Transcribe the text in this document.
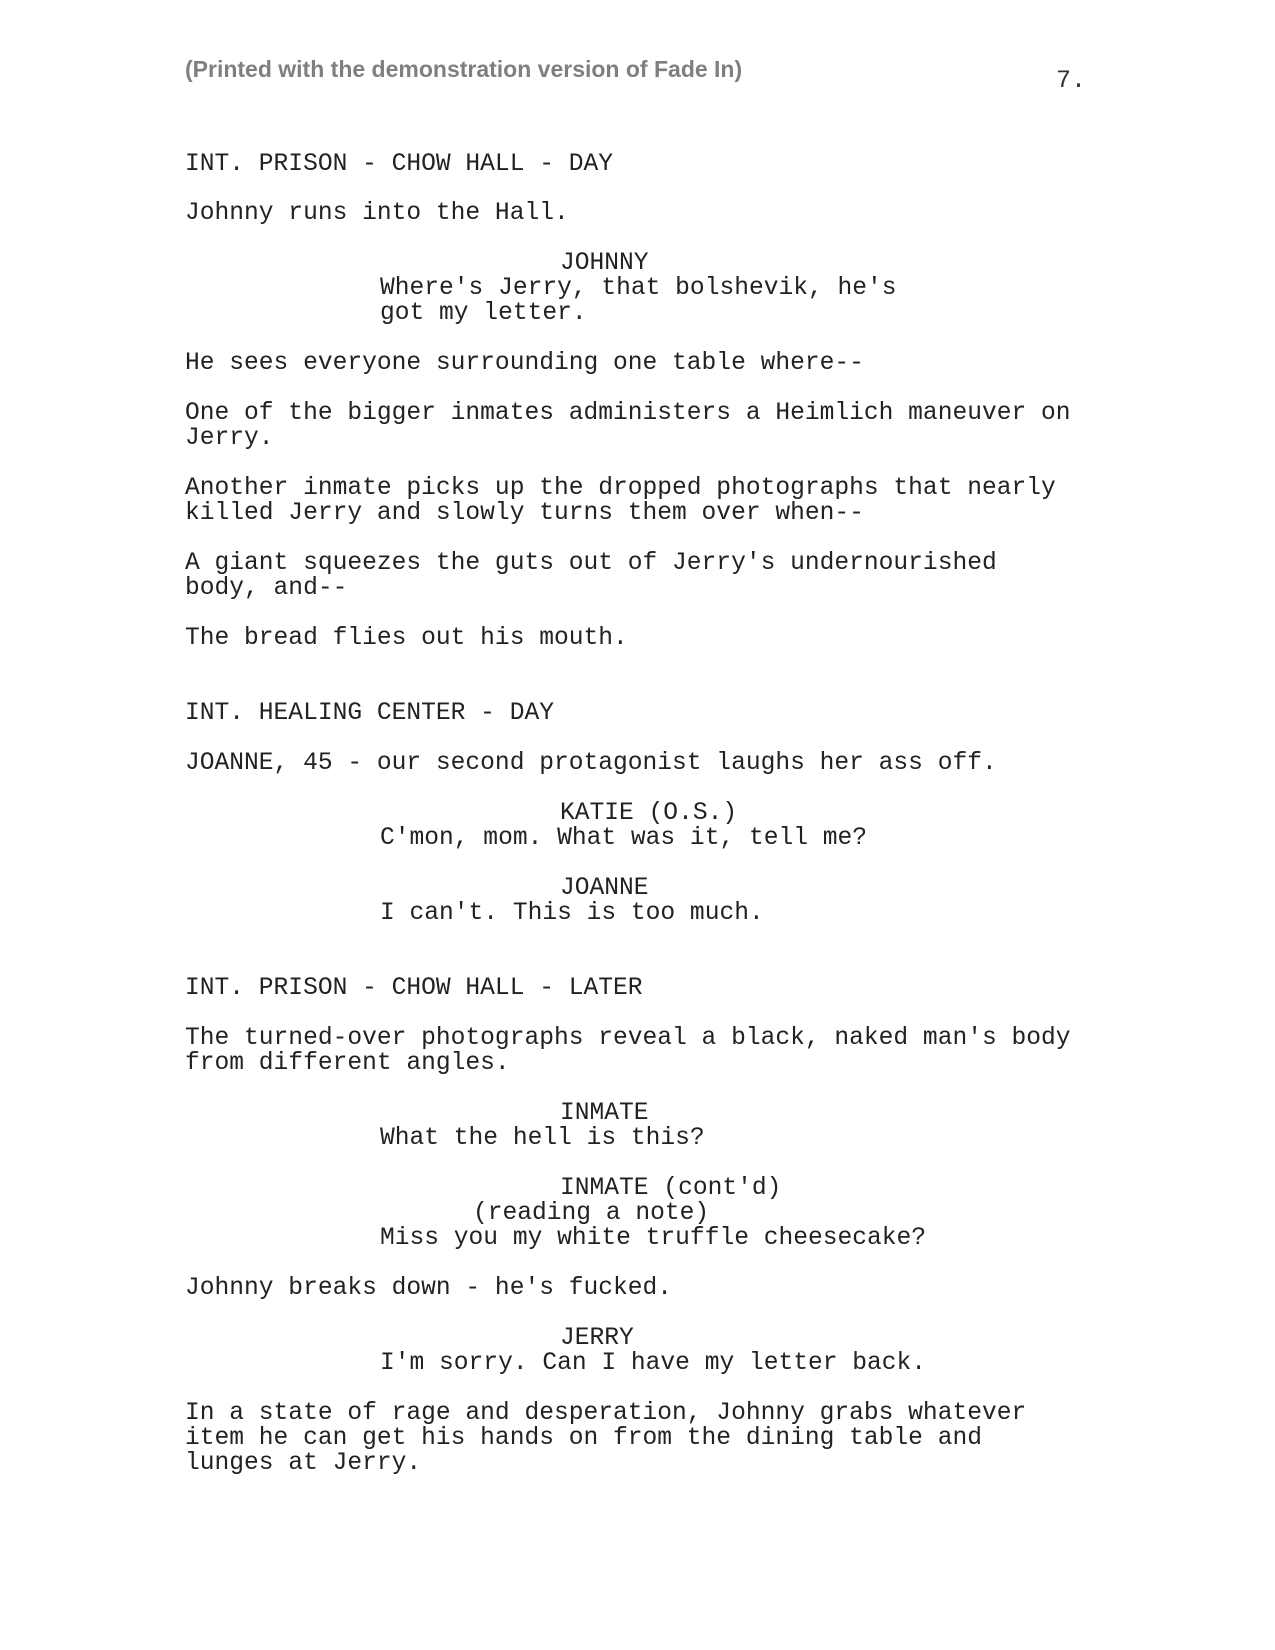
(Printed with the demonstration version of Fade In)	7.
INT. PRISON - CHOW HALL - DAY
Johnny runs into the Hall.
JOHNNY
Where's Jerry, that bolshevik, he's
got my letter.
He sees everyone surrounding one table where--
One of the bigger inmates administers a Heimlich maneuver on
Jerry.
Another inmate picks up the dropped photographs that nearly
killed Jerry and slowly turns them over when--
A giant squeezes the guts out of Jerry's undernourished
body, and--
The bread flies out his mouth.
INT. HEALING CENTER - DAY
JOANNE, 45 - our second protagonist laughs her ass off.
KATIE (O.S.)
C'mon, mom. What was it, tell me?
JOANNE
I can't. This is too much.
INT. PRISON - CHOW HALL - LATER
The turned-over photographs reveal a black, naked man's body
from different angles.
INMATE
What the hell is this?
INMATE (cont'd)
(reading a note)
Miss you my white truffle cheesecake?
Johnny breaks down - he's fucked.
JERRY
I'm sorry. Can I have my letter back.
In a state of rage and desperation, Johnny grabs whatever
item he can get his hands on from the dining table and
lunges at Jerry.
